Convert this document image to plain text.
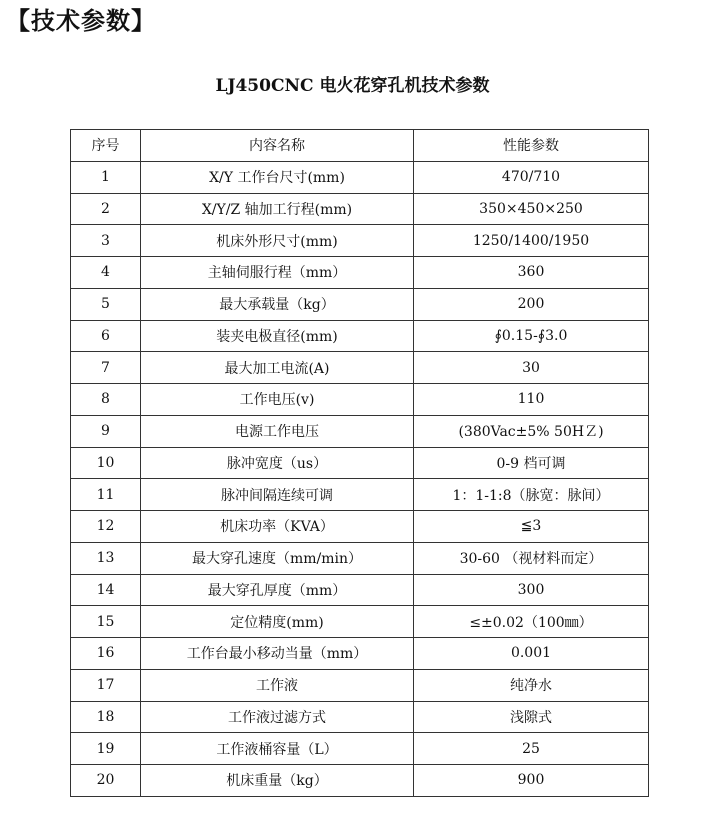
【技术参数】
LJ450CNC 电火花穿孔机技术参数
序号	内容名称	性能参数
1	X/Y 工作台尺寸(mm)	470/710
2	X/Y/Z 轴加工行程(mm)	350×450×250
3	机床外形尺寸(mm)	1250/1400/1950
4	主轴伺服行程（mm）	360
5	最大承载量（kg）	200
6	装夹电极直径(mm)	∮0.15-∮3.0
7	最大加工电流(A)	30
8	工作电压(v)	110
9	电源工作电压	(380Vac±5% 50HＺ)
10	脉冲宽度（us）	0-9 档可调
11	脉冲间隔连续可调	1：1-1:8（脉宽：脉间）
12	机床功率（KVA）	≦3
13	最大穿孔速度（mm/min）	30-60 （视材料而定）
14	最大穿孔厚度（mm）	300
15	定位精度(mm)	≤±0.02（100㎜）
16	工作台最小移动当量（mm）	0.001
17	工作液	纯净水
18	工作液过滤方式	浅隙式
19	工作液桶容量（L）	25
20	机床重量（kg）	900
